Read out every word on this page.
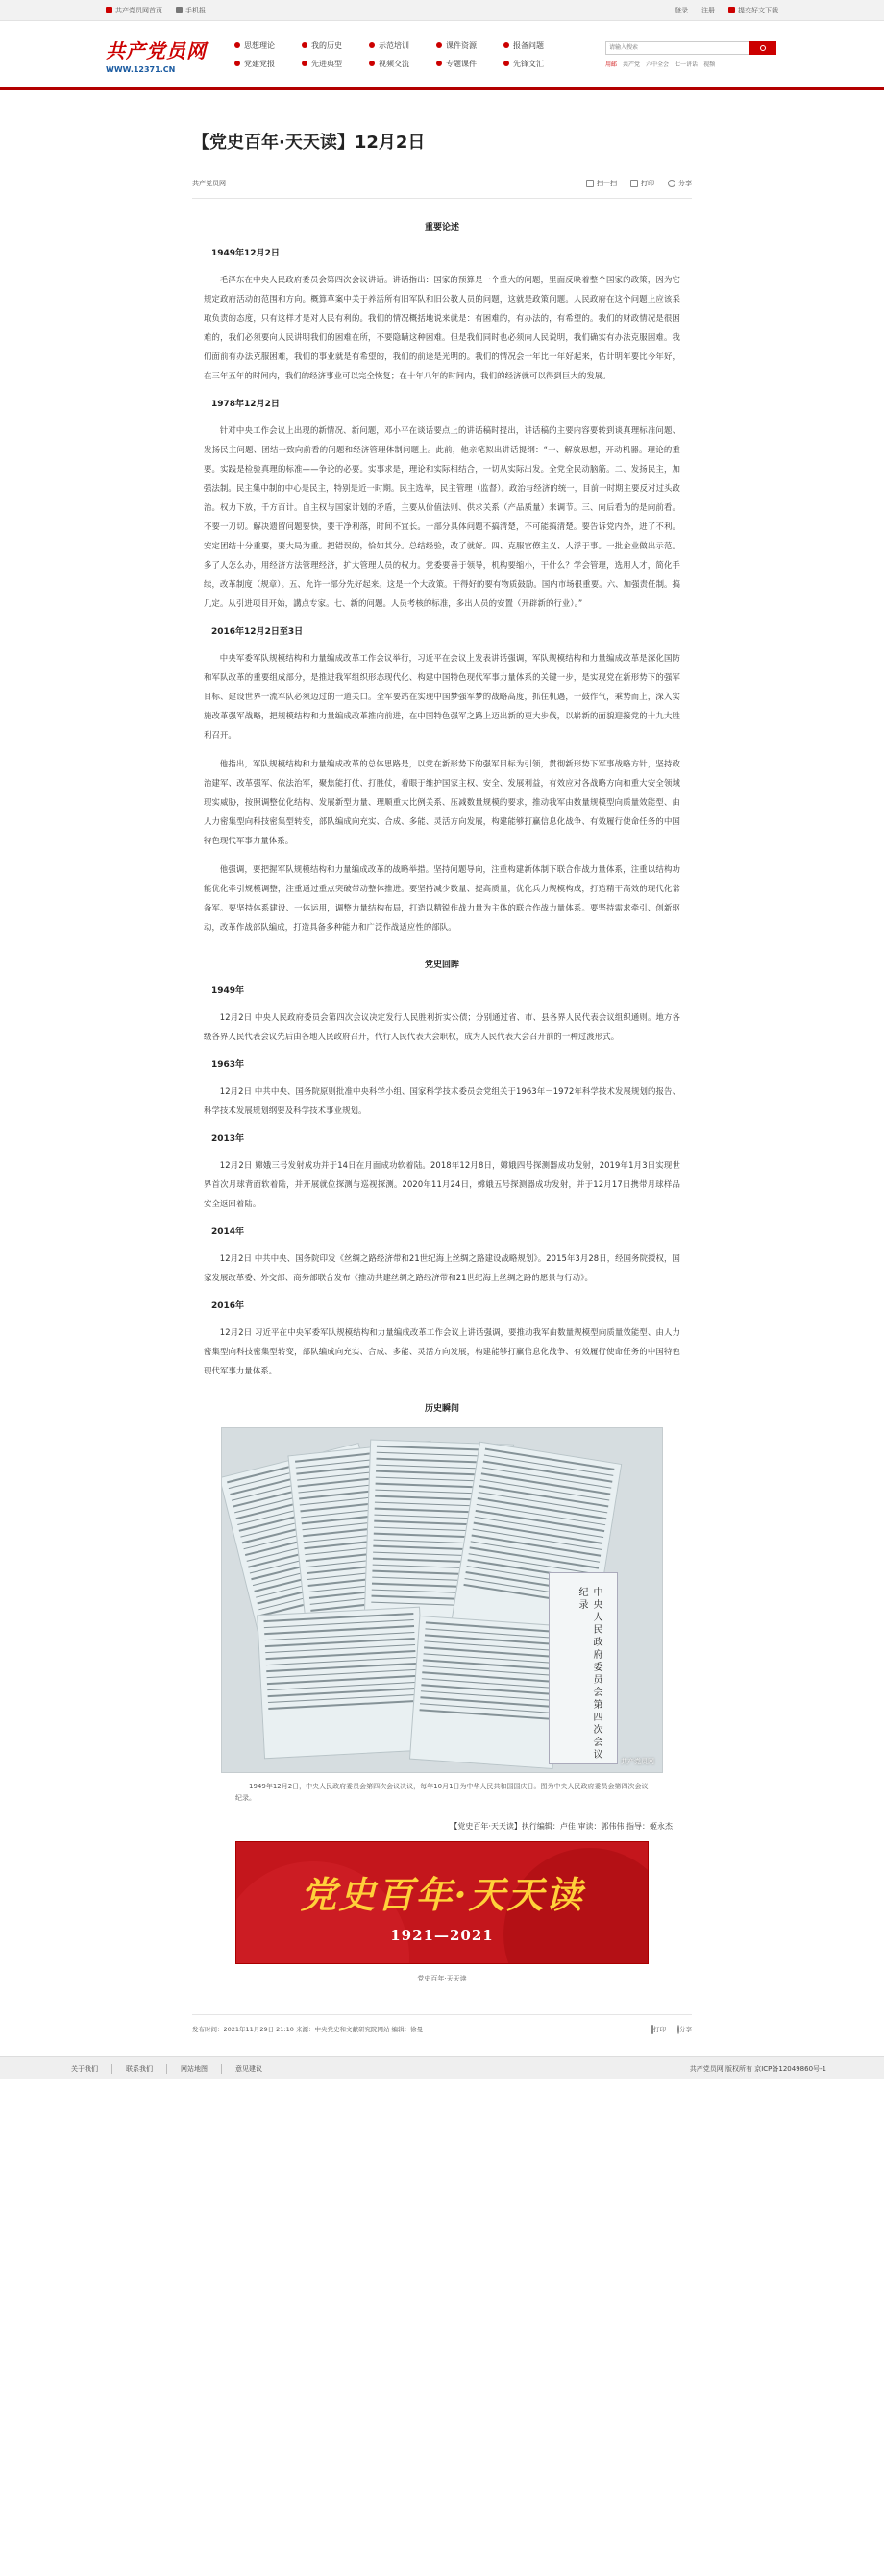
共产党员网首页	手机报	登录 注册	提交好文下载
共产党员网
WWW.12371.CN
思想理论	我的历史	示范培训	课件资源	报备问题
党建党报	先进典型	视频交流	专题课件	先锋文汇
请输入搜索	用邮 共产党 六中全会 七一讲话 视频
【党史百年·天天读】12月2日
共产党员网	扫一扫	打印	分享
重要论述
1949年12月2日

毛泽东在中央人民政府委员会第四次会议讲话。讲话指出：国家的预算是一个重大的问题，里面反映着整个国家的政策，因为它规定政府活动的范围和方向。概算草案中关于养活所有旧军队和旧公教人员的问题，这就是政策问题。人民政府在这个问题上应该采取负责的态度，只有这样才是对人民有利的。我们的情况概括地说来就是：有困难的，有办法的，有希望的。我们的财政情况是很困难的，我们必须要向人民讲明我们的困难在所，不要隐瞒这种困难。但是我们同时也必须向人民说明，我们确实有办法克服困难。我们面前有办法克服困难，我们的事业就是有希望的，我们的前途是光明的。我们的情况会一年比一年好起来，估计明年要比今年好，在三年五年的时间内，我们的经济事业可以完全恢复；在十年八年的时间内，我们的经济就可以得到巨大的发展。

1978年12月2日

针对中央工作会议上出现的新情况、新问题，邓小平在谈话要点上的讲话稿时提出，讲话稿的主要内容要转到谈真理标准问题、发扬民主问题、团结一致向前看的问题和经济管理体制问题上。此前，他亲笔拟出讲话提纲：“一、解放思想，开动机器。理论的重要。实践是检验真理的标准——争论的必要。实事求是，理论和实际相结合，一切从实际出发。全党全民动脑筋。二、发扬民主，加强法制。民主集中制的中心是民主，特别是近一时期。民主选举，民主管理（监督）。政治与经济的统一，目前一时期主要反对过头政治。权力下放，千方百计。自主权与国家计划的矛盾，主要从价值法则、供求关系（产品质量）来调节。三、向后看为的是向前看。不要一刀切。解决遗留问题要快，要干净利落，时间不宜长。一部分具体问题不搞清楚，不可能搞清楚。要告诉党内外，进了不利。安定团结十分重要，要大局为重。把错误的，恰如其分。总结经验，改了就好。四、克服官僚主义、人浮于事。一批企业做出示范。多了人怎么办，用经济方法管理经济，扩大管理人员的权力。党委要善于领导，机构要缩小，干什么？学会管理，选用人才，简化手续，改革制度（规章）。五、允许一部分先好起来。这是一个大政策。干得好的要有物质鼓励。国内市场很重要。六、加强责任制。搞几定。从引进项目开始，講点专家。七、新的问题。人员考核的标准，多出人员的安置（开辟新的行业）。”

2016年12月2日至3日

中央军委军队规模结构和力量编成改革工作会议举行，习近平在会议上发表讲话强调，军队规模结构和力量编成改革是深化国防和军队改革的重要组成部分，是推进我军组织形态现代化、构建中国特色现代军事力量体系的关键一步，是实现党在新形势下的强军目标、建设世界一流军队必须迈过的一道关口。全军要站在实现中国梦强军梦的战略高度，抓住机遇，一鼓作气，乘势而上，深入实施改革强军战略，把规模结构和力量编成改革推向前进，在中国特色强军之路上迈出新的更大步伐，以崭新的面貌迎接党的十九大胜利召开。

他指出，军队规模结构和力量编成改革的总体思路是，以党在新形势下的强军目标为引领，贯彻新形势下军事战略方针，坚持政治建军、改革强军、依法治军，聚焦能打仗、打胜仗，着眼于维护国家主权、安全、发展利益，有效应对各战略方向和重大安全领域现实威胁，按照调整优化结构、发展新型力量、理顺重大比例关系、压减数量规模的要求，推动我军由数量规模型向质量效能型、由人力密集型向科技密集型转变，部队编成向充实、合成、多能、灵活方向发展，构建能够打赢信息化战争、有效履行使命任务的中国特色现代军事力量体系。

他强调，要把握军队规模结构和力量编成改革的战略举措。坚持问题导向，注重构建新体制下联合作战力量体系，注重以结构功能优化牵引规模调整，注重通过重点突破带动整体推进。要坚持减少数量、提高质量，优化兵力规模构成，打造精干高效的现代化常备军。要坚持体系建设、一体运用，调整力量结构布局，打造以精锐作战力量为主体的联合作战力量体系。要坚持需求牵引、创新驱动，改革作战部队编成，打造具备多种能力和广泛作战适应性的部队。

党史回眸
1949年

12月2日 中央人民政府委员会第四次会议决定发行人民胜利折实公债；分别通过省、市、县各界人民代表会议组织通则。地方各级各界人民代表会议先后由各地人民政府召开，代行人民代表大会职权，成为人民代表大会召开前的一种过渡形式。

1963年

12月2日 中共中央、国务院原则批准中央科学小组、国家科学技术委员会党组关于1963年－1972年科学技术发展规划的报告、科学技术发展规划纲要及科学技术事业规划。

2013年

12月2日 嫦娥三号发射成功并于14日在月面成功软着陆。2018年12月8日，嫦娥四号探测器成功发射，2019年1月3日实现世界首次月球背面软着陆，并开展就位探测与巡视探测。2020年11月24日，嫦娥五号探测器成功发射，并于12月17日携带月球样品安全返回着陆。

2014年

12月2日 中共中央、国务院印发《丝绸之路经济带和21世纪海上丝绸之路建设战略规划》。2015年3月28日，经国务院授权，国家发展改革委、外交部、商务部联合发布《推动共建丝绸之路经济带和21世纪海上丝绸之路的愿景与行动》。

2016年

12月2日 习近平在中央军委军队规模结构和力量编成改革工作会议上讲话强调，要推动我军由数量规模型向质量效能型、由人力密集型向科技密集型转变，部队编成向充实、合成、多能、灵活方向发展，构建能够打赢信息化战争、有效履行使命任务的中国特色现代军事力量体系。

历史瞬间
中央人民政府委员会第四次会议纪录
共产党员网

1949年12月2日，中央人民政府委员会第四次会议决议，每年10月1日为中华人民共和国国庆日。图为中央人民政府委员会第四次会议纪录。

【党史百年·天天读】执行编辑：卢佳 审读：郭伟伟 指导：姬永杰
党史百年·天天读
1921—2021
党史百年·天天读
发布时间：2021年11月29日 21:10 来源：中央党史和文献研究院网站 编辑：徐曼	打印	分享
关于我们	联系我们	网站地图	意见建议	共产党员网 版权所有 京ICP备12049860号-1
